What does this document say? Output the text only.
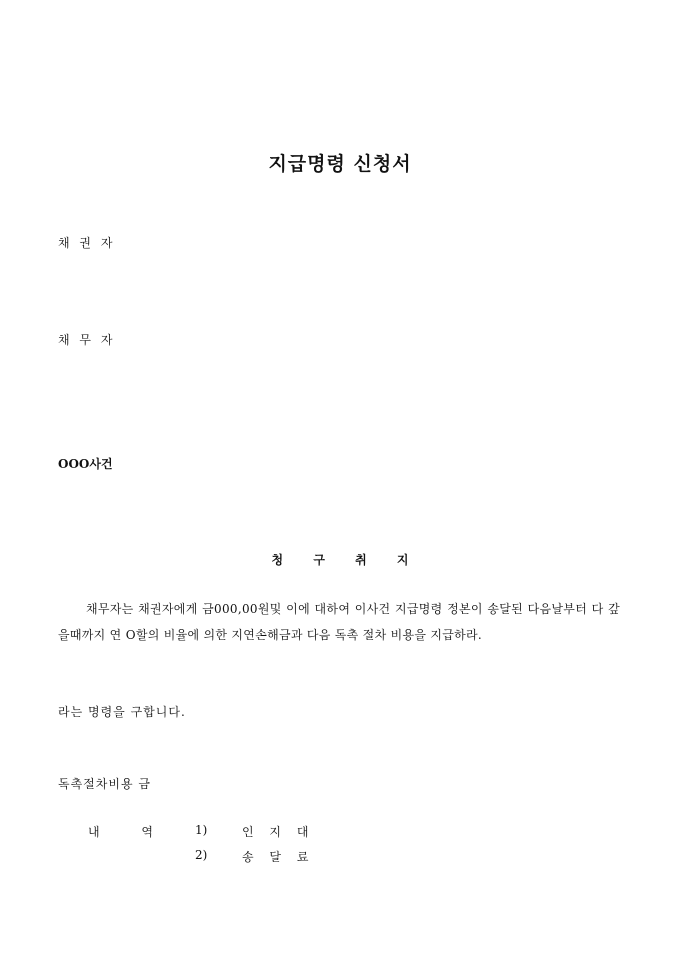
지급명령 신청서
채 권 자
채 무 자
OOO사건
청 구 취 지
채무자는 채권자에게 금000,00원및 이에 대하여 이사건 지급명령 정본이 송달된 다음날부터 다 갚을때까지 연 O할의 비율에 의한 지연손해금과 다음 독촉 절차 비용을 지급하라.
라는 명령을 구합니다.
독촉절차비용 금
내 역	1)	인 지 대
2)	송 달 료
